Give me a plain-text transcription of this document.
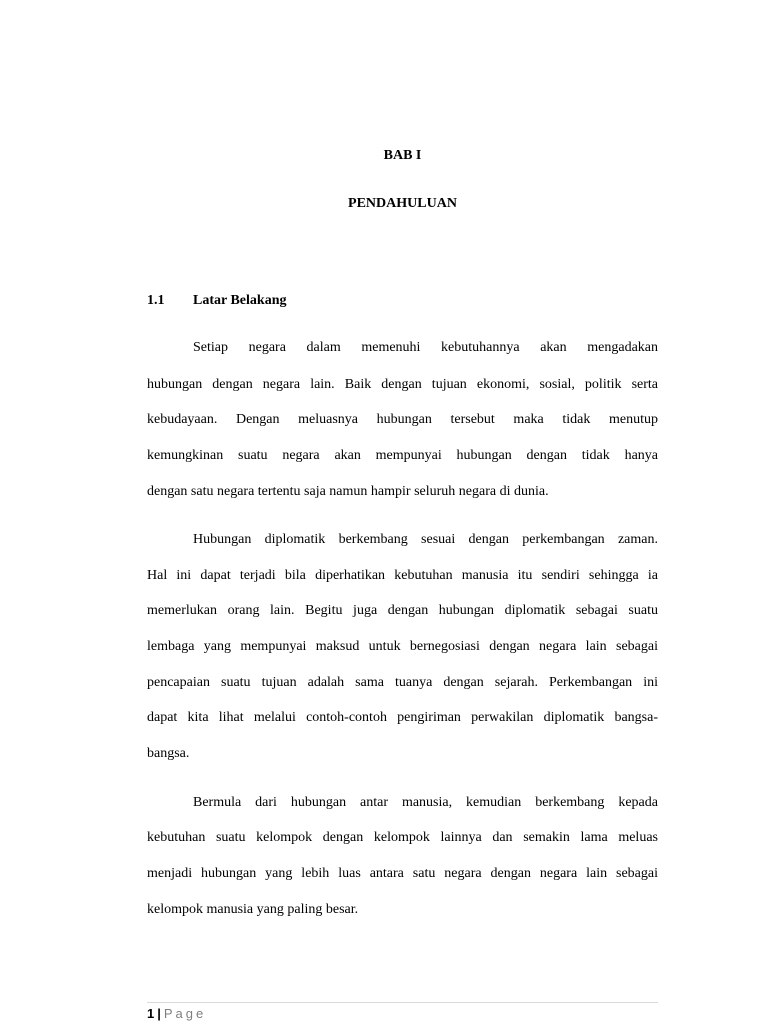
BAB I
PENDAHULUAN
1.1 Latar Belakang
Setiap negara dalam memenuhi kebutuhannya akan mengadakan
hubungan dengan negara lain. Baik dengan tujuan ekonomi, sosial, politik serta
kebudayaan. Dengan meluasnya hubungan tersebut maka tidak menutup
kemungkinan suatu negara akan mempunyai hubungan dengan tidak hanya
dengan satu negara tertentu saja namun hampir seluruh negara di dunia.
Hubungan diplomatik berkembang sesuai dengan perkembangan zaman.
Hal ini dapat terjadi bila diperhatikan kebutuhan manusia itu sendiri sehingga ia
memerlukan orang lain. Begitu juga dengan hubungan diplomatik sebagai suatu
lembaga yang mempunyai maksud untuk bernegosiasi dengan negara lain sebagai
pencapaian suatu tujuan adalah sama tuanya dengan sejarah. Perkembangan ini
dapat kita lihat melalui contoh-contoh pengiriman perwakilan diplomatik bangsa-
bangsa.
Bermula dari hubungan antar manusia, kemudian berkembang kepada
kebutuhan suatu kelompok dengan kelompok lainnya dan semakin lama meluas
menjadi hubungan yang lebih luas antara satu negara dengan negara lain sebagai
kelompok manusia yang paling besar.
1 | Page
